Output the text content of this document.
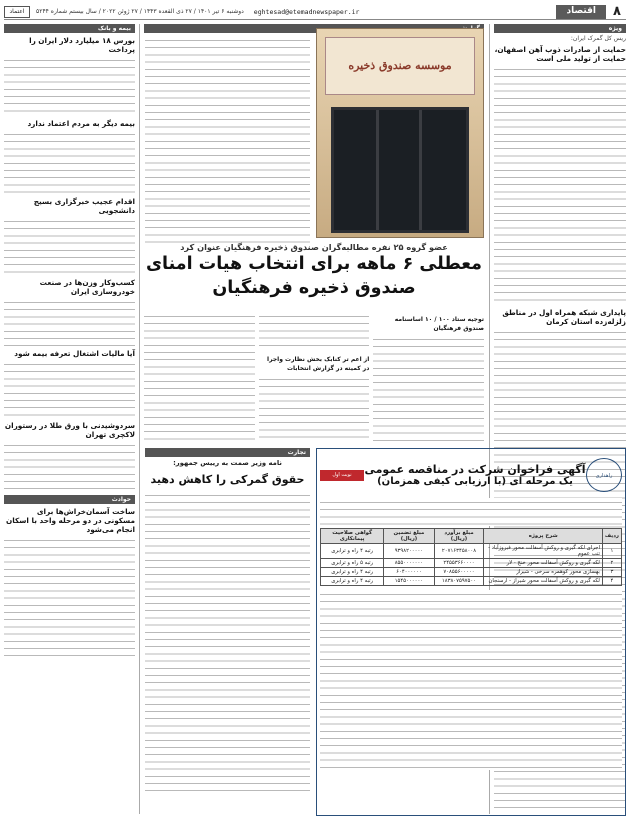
۸
اقتصاد
eghtesad@etemadnewspaper.ir
دوشنبه ۶ تیر ۱۴۰۱ / ۲۷ ذی القعده ۱۴۴۳ / ۲۷ ژوئن ۲۰۲۲ / سال بیستم شماره ۵۲۴۴
اعتماد
ویژه
ریس کل گمرک ایران:
حمایت از صادرات ذوب آهن اصفهان، حمایت از تولید ملی است
پایداری شبکه همراه اول در مناطق زلزله‌زده استان کرمان
بیمه و بانک
بورس ۱۸ میلیارد دلار ایران را پرداخت
بیمه دیگر به مردم اعتماد ندارد
اقدام عجیب خبرگزاری بسیج دانشجویی
کسب‌وکار وزن‌ها در صنعت خودروسازی ایران
آیا مالیات اشتغال تعرفه بیمه شود
سردوشیدنی با ورق طلا در رستوران لاکچری تهران
حوادث
ساخت آسمان‌خراش‌ها برای مسکونی در دو مرحله واحد با اسکان انجام می‌شود
موسسه صندوق ذخیره
عضو گروه ۲۵ نفره مطالبه‌گران صندوق ذخیره فرهنگیان عنوان کرد
معطلی ۶ ماهه برای انتخاب هیات امنای
صندوق ذخیره فرهنگیان
توجیه ستاد ۱۰۰ / ۱۰ اساسنامه صندوق فرهنگیان
از اعم تر کنابک بخش نظارت واجرا در کمیته در گزارش انتخابات
تجارت
نامه وزیر صمت به رییس جمهور:
حقوق گمرکی را کاهش دهید	راهداری
آگهی فراخوان شرکت در مناقصه عمومی
یک مرحله ای (با ارزیابی کیفی همزمان)
نوبت اول
ردیف	شرح پروژه	مبلغ برآورد (ریال)	مبلغ تضمین (ریال)	گواهی صلاحیت پیمانکاری
۱	اجرای لکه گیری و روکش آسفالت محور فیروزآباد - تنب عموم	۲۰۷۱۶۳۴۵۸۰۰۸	۹۳۹۸۲۰۰۰۰۰	رتبه ۴ راه و ترابری
۲	لکه گیری و روکش آسفالت محور خنج - لار	۲۴۵۵۳۶۶۰۰۰۰	۸۵۵۰۰۰۰۰۰۰	رتبه ۵ راه و ترابری
۳	بهسازی محور کوهمره سرخی - شیراز	۷۰۸۵۵۶۰۰۰۰۰	۶۰۴۰۰۰۰۰۰	رتبه ۴ راه و ترابری
۴	لکه گیری و روکش آسفالت محور شیراز - ارسنجان	۱۸۳۸۰۷۵۹۷۵۰۰	۱۵۴۵۰۰۰۰۰۰	رتبه ۴ راه و ترابری
